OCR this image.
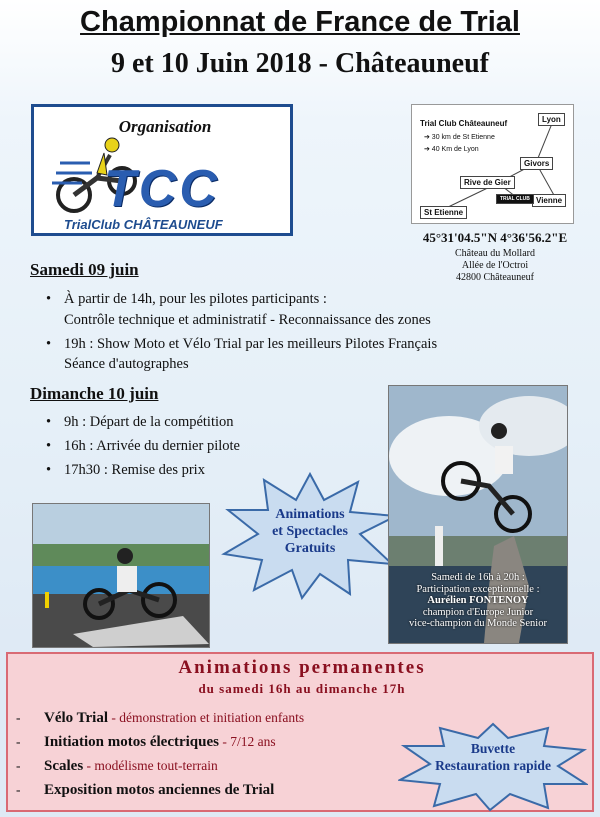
Championnat de France de Trial
9 et 10 Juin 2018 - Châteauneuf
Organisation
TCC
TrialClub CHÂTEAUNEUF
Trial Club Châteauneuf
➔ 30 km de St Etienne
➔ 40 Km de Lyon
Lyon
Givors
Rive de Gier
Vienne
St Etienne
TRIAL CLUB
45°31'04.5"N 4°36'56.2"E
Château du Mollard
Allée de l'Octroi
42800 Châteauneuf
Samedi 09 juin
• À partir de 14h, pour les pilotes participants :
Contrôle technique et administratif - Reconnaissance des zones
• 19h : Show Moto et Vélo Trial par les meilleurs Pilotes Français
Séance d'autographes
Dimanche 10 juin
• 9h : Départ de la compétition
• 16h : Arrivée du dernier pilote
• 17h30 : Remise des prix
Animations
et Spectacles
Gratuits
Samedi de 16h à 20h :
Participation exceptionnelle :
Aurélien FONTENOY
champion d'Europe Junior
vice-champion du Monde Senior
Animations permanentes
du samedi 16h au dimanche 17h
- Vélo Trial - démonstration et initiation enfants
- Initiation motos électriques - 7/12 ans
- Scales - modélisme tout-terrain
- Exposition motos anciennes de Trial
Buvette
Restauration rapide
